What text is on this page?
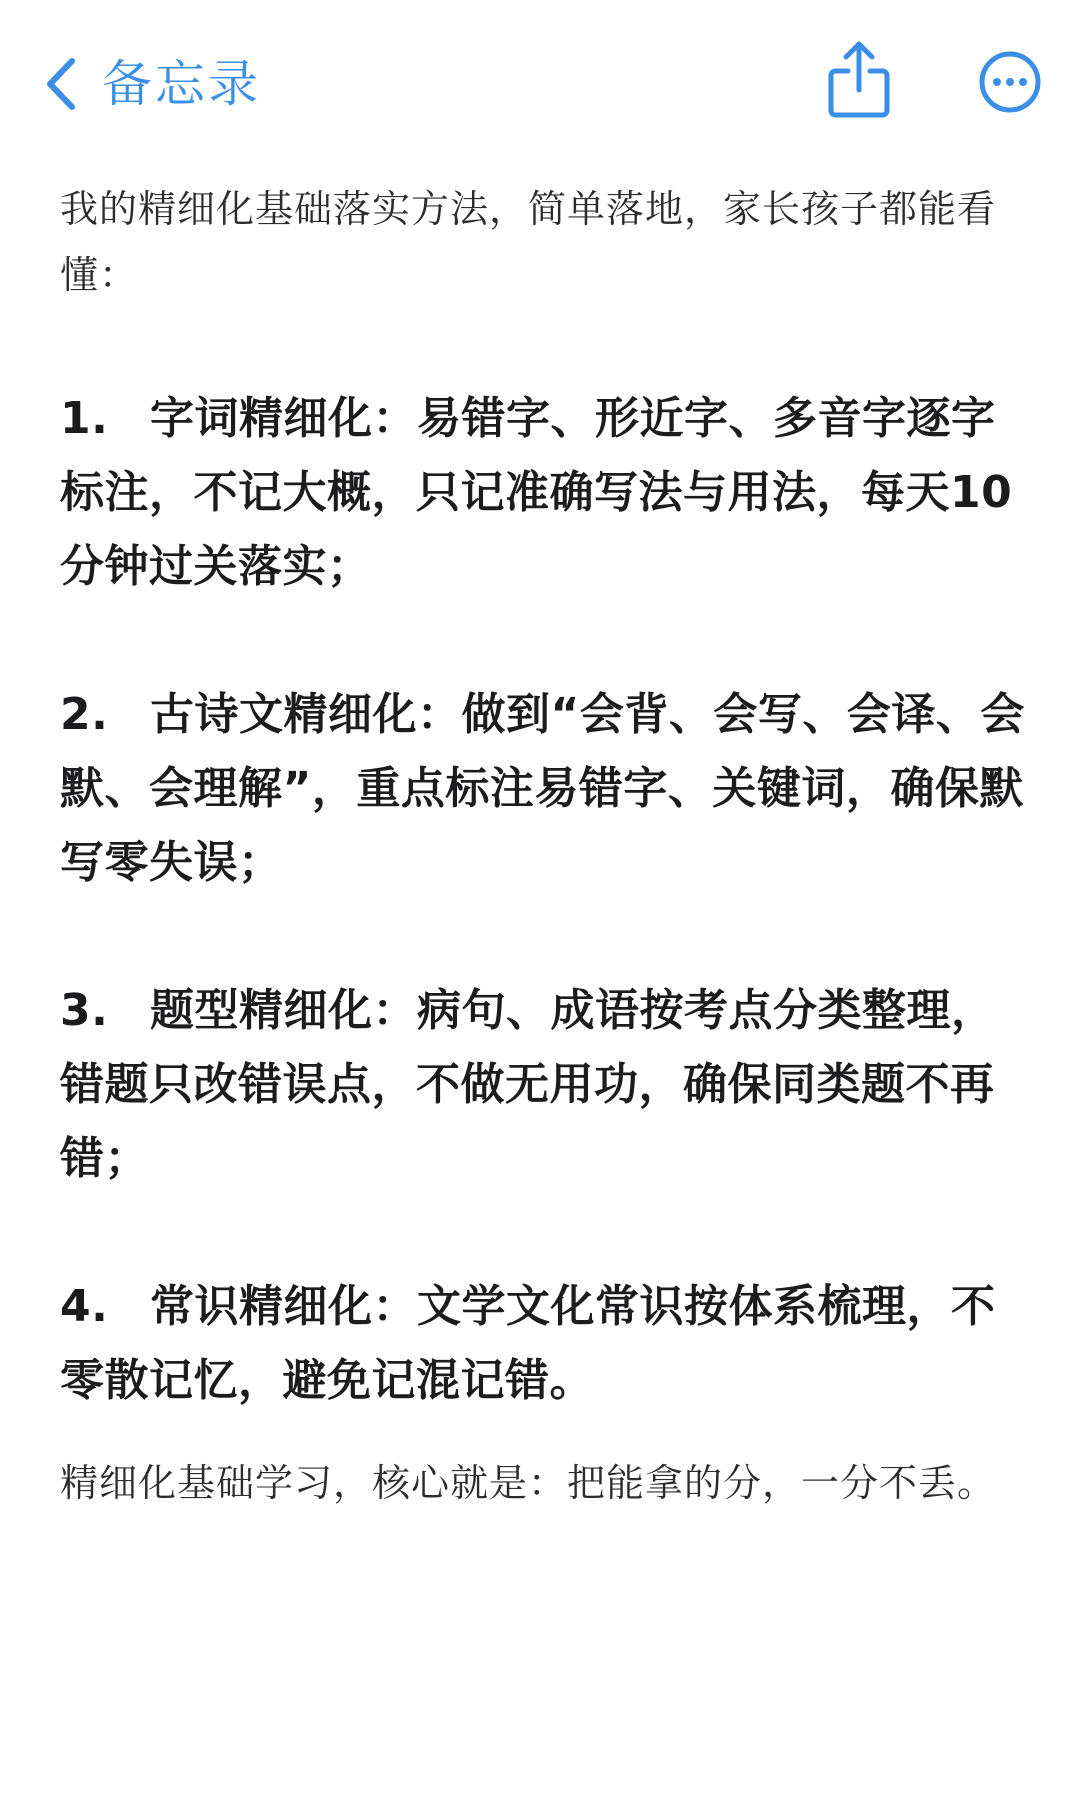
备忘录

我的精细化基础落实方法，简单落地，家长孩子都能看懂：

1. 字词精细化：易错字、形近字、多音字逐字标注，不记大概，只记准确写法与用法，每天10分钟过关落实；

2. 古诗文精细化：做到“会背、会写、会译、会默、会理解”，重点标注易错字、关键词，确保默写零失误；

3. 题型精细化：病句、成语按考点分类整理，错题只改错误点，不做无用功，确保同类题不再错；

4. 常识精细化：文学文化常识按体系梳理，不零散记忆，避免记混记错。

精细化基础学习，核心就是：把能拿的分，一分不丢。
